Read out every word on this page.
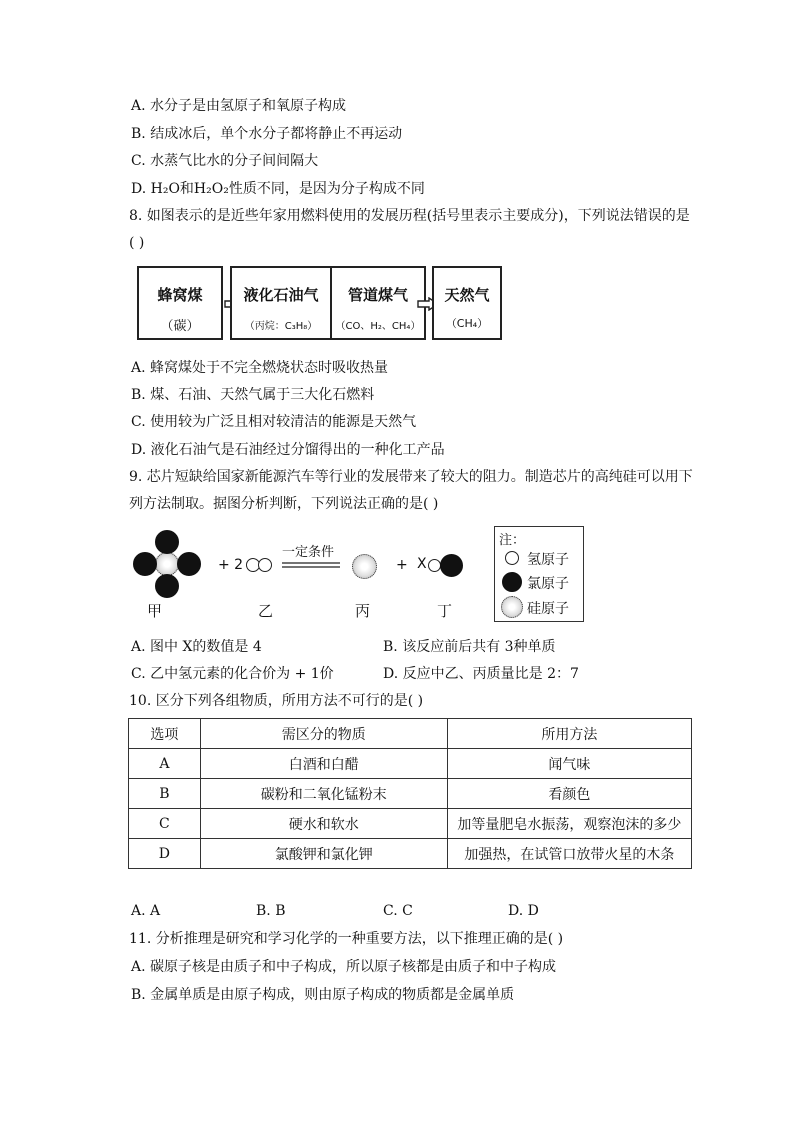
A. 水分子是由氢原子和氧原子构成
B. 结成冰后，单个水分子都将静止不再运动
C. 水蒸气比水的分子间间隔大
D. H₂O和H₂O₂性质不同，是因为分子构成不同
8. 如图表示的是近些年家用燃料使用的发展历程(括号里表示主要成分)，下列说法错误的是
( )
蜂窝煤
（碳）
液化石油气
（丙烷：C₃H₈）
管道煤气
（CO、H₂、CH₄）
天然气
（CH₄）
A. 蜂窝煤处于不完全燃烧状态时吸收热量
B. 煤、石油、天然气属于三大化石燃料
C. 使用较为广泛且相对较清洁的能源是天然气
D. 液化石油气是石油经过分馏得出的一种化工产品
9. 芯片短缺给国家新能源汽车等行业的发展带来了较大的阻力。制造芯片的高纯硅可以用下
列方法制取。据图分析判断，下列说法正确的是( )
+ 2
一定条件
+ X
甲	乙	丙	丁
注：
氢原子
氯原子
硅原子
A. 图中 X的数值是 4	B. 该反应前后共有 3种单质
C. 乙中氢元素的化合价为 + 1价	D. 反应中乙、丙质量比是 2：7
10. 区分下列各组物质，所用方法不可行的是( )
选项	需区分的物质	所用方法
A	白酒和白醋	闻气味
B	碳粉和二氧化锰粉末	看颜色
C	硬水和软水	加等量肥皂水振荡，观察泡沫的多少
D	氯酸钾和氯化钾	加强热，在试管口放带火星的木条
A. A	B. B	C. C	D. D
11. 分析推理是研究和学习化学的一种重要方法，以下推理正确的是( )
A. 碳原子核是由质子和中子构成，所以原子核都是由质子和中子构成
B. 金属单质是由原子构成，则由原子构成的物质都是金属单质
